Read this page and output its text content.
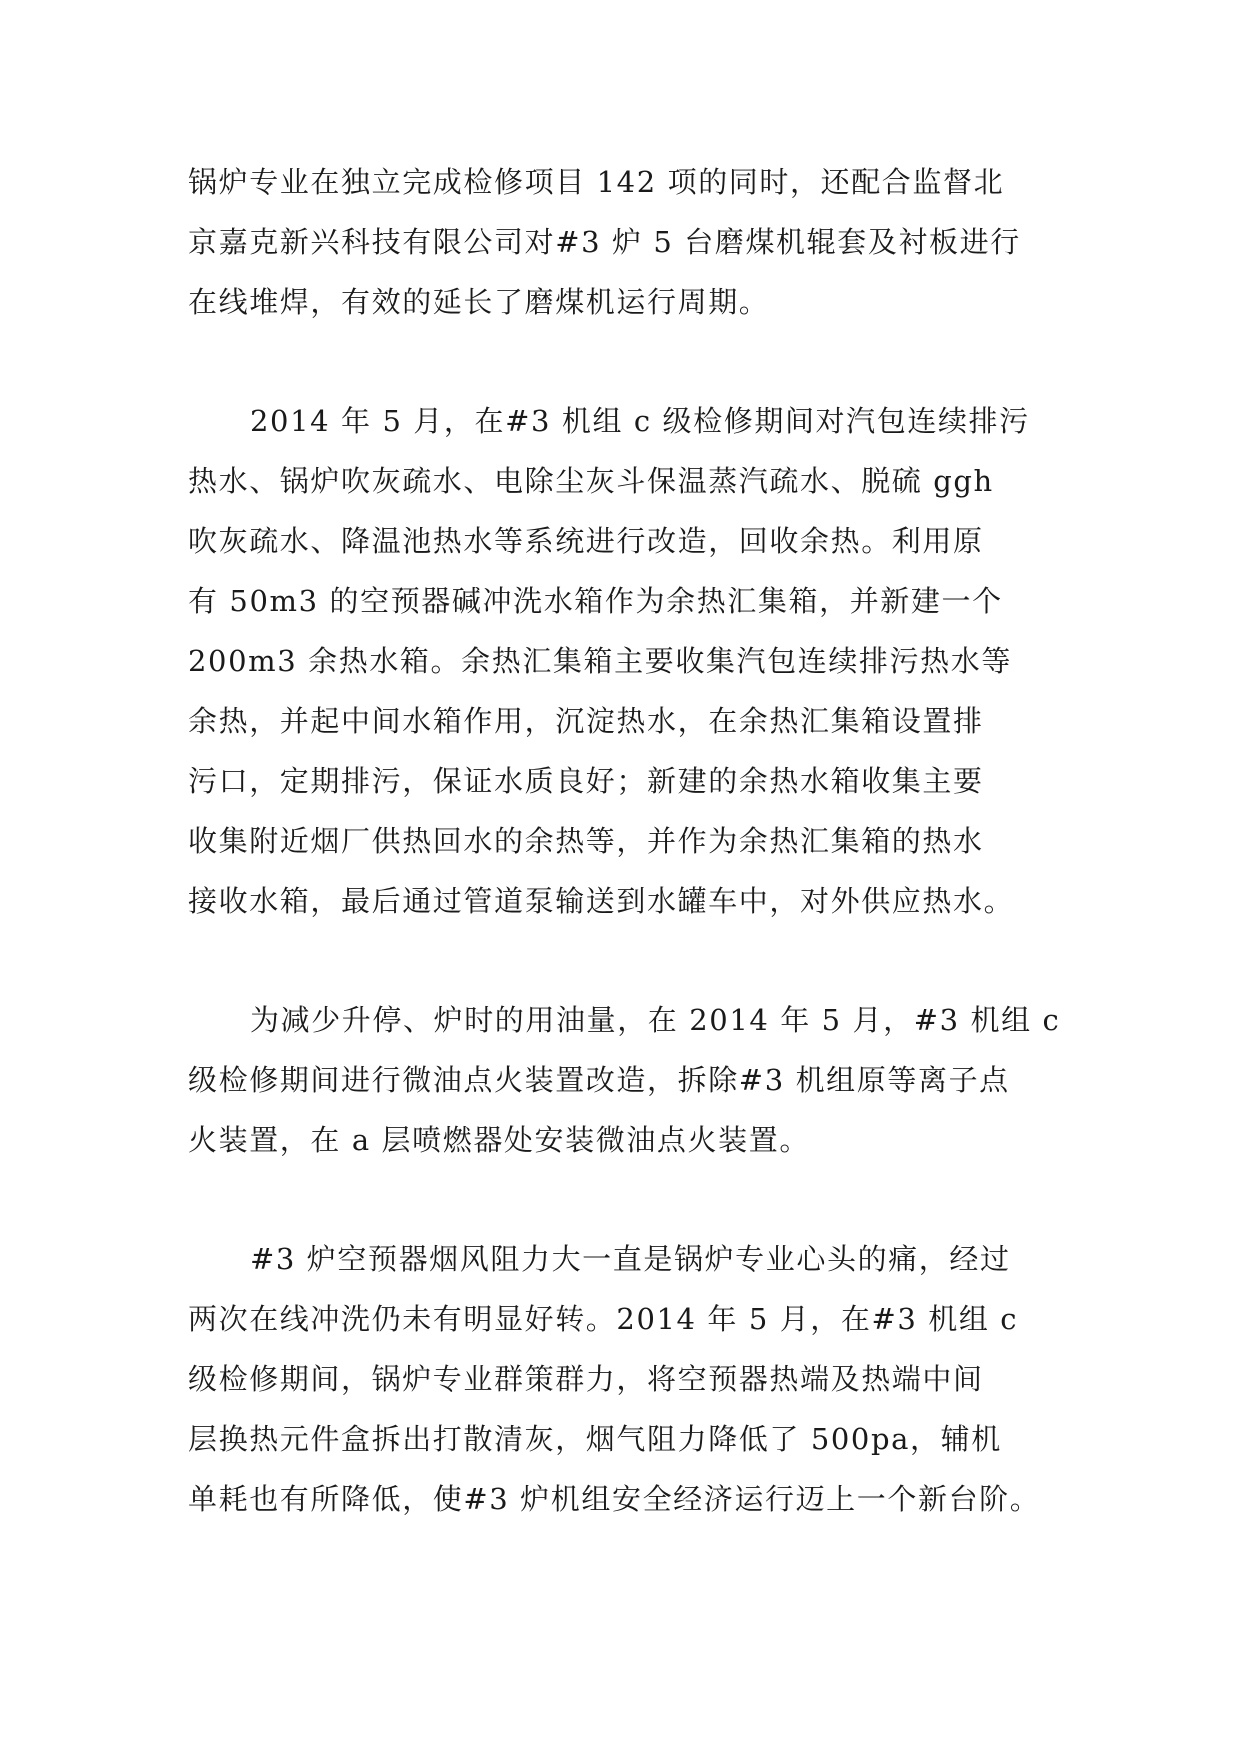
锅炉专业在独立完成检修项目 142 项的同时，还配合监督北
京嘉克新兴科技有限公司对#3 炉 5 台磨煤机辊套及衬板进行
在线堆焊，有效的延长了磨煤机运行周期。
2014 年 5 月，在#3 机组 c 级检修期间对汽包连续排污
热水、锅炉吹灰疏水、电除尘灰斗保温蒸汽疏水、脱硫 ggh
吹灰疏水、降温池热水等系统进行改造，回收余热。利用原
有 50m3 的空预器碱冲洗水箱作为余热汇集箱，并新建一个
200m3 余热水箱。余热汇集箱主要收集汽包连续排污热水等
余热，并起中间水箱作用，沉淀热水，在余热汇集箱设置排
污口，定期排污，保证水质良好；新建的余热水箱收集主要
收集附近烟厂供热回水的余热等，并作为余热汇集箱的热水
接收水箱，最后通过管道泵输送到水罐车中，对外供应热水。
为减少升停、炉时的用油量，在 2014 年 5 月，#3 机组 c
级检修期间进行微油点火装置改造，拆除#3 机组原等离子点
火装置，在 a 层喷燃器处安装微油点火装置。
#3 炉空预器烟风阻力大一直是锅炉专业心头的痛，经过
两次在线冲洗仍未有明显好转。2014 年 5 月，在#3 机组 c
级检修期间，锅炉专业群策群力，将空预器热端及热端中间
层换热元件盒拆出打散清灰，烟气阻力降低了 500pa，辅机
单耗也有所降低，使#3 炉机组安全经济运行迈上一个新台阶。
